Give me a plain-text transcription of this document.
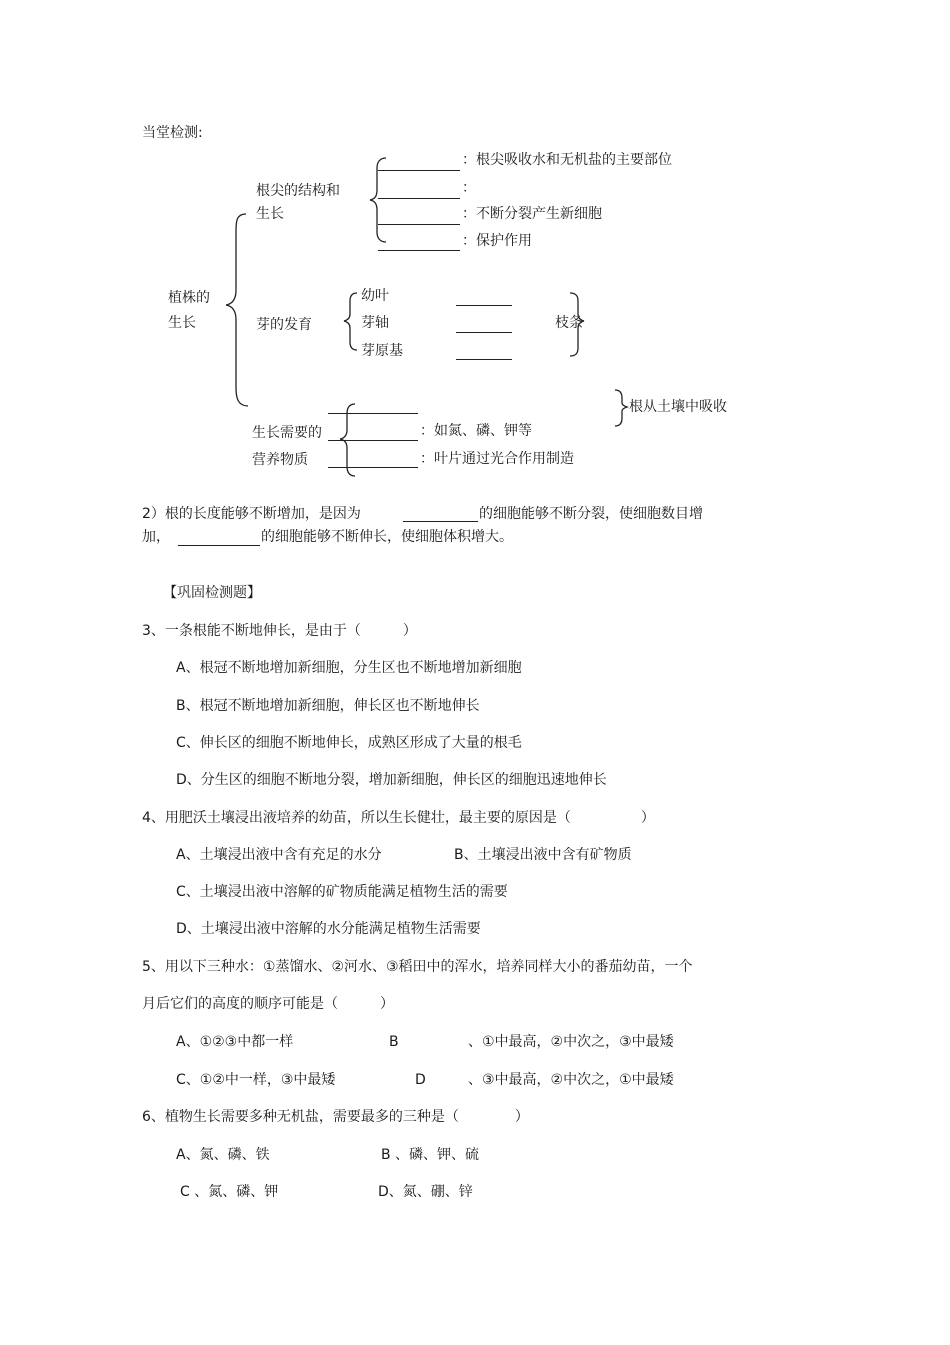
当堂检测:
植株的
生长
根尖的结构和
生长
：根尖吸收水和无机盐的主要部位
：
：不断分裂产生新细胞
：保护作用
芽的发育
幼叶
芽轴
芽原基
枝条
生长需要的
营养物质
：如氮、磷、钾等
：叶片通过光合作用制造
根从土壤中吸收
2）根的长度能够不断增加，是因为	的细胞能够不断分裂，使细胞数目增
加，	的细胞能够不断伸长，使细胞体积增大。
【巩固检测题】
3、一条根能不断地伸长，是由于（　　　）
A、根冠不断地增加新细胞，分生区也不断地增加新细胞
B、根冠不断地增加新细胞，伸长区也不断地伸长
C、伸长区的细胞不断地伸长，成熟区形成了大量的根毛
D、分生区的细胞不断地分裂，增加新细胞，伸长区的细胞迅速地伸长
4、用肥沃土壤浸出液培养的幼苗，所以生长健壮，最主要的原因是（　　　　　）
A、土壤浸出液中含有充足的水分	B、土壤浸出液中含有矿物质
C、土壤浸出液中溶解的矿物质能满足植物生活的需要
D、土壤浸出液中溶解的水分能满足植物生活需要
5、用以下三种水：①蒸馏水、②河水、③稻田中的浑水，培养同样大小的番茄幼苗，一个
月后它们的高度的顺序可能是（　　　）
A、①②③中都一样	B	、①中最高，②中次之，③中最矮
C、①②中一样，③中最矮	D	、③中最高，②中次之，①中最矮
6、植物生长需要多种无机盐，需要最多的三种是（　　　　）
A、氮、磷、铁	B 、磷、钾、硫
C 、氮、磷、钾	D、氮、硼、锌
